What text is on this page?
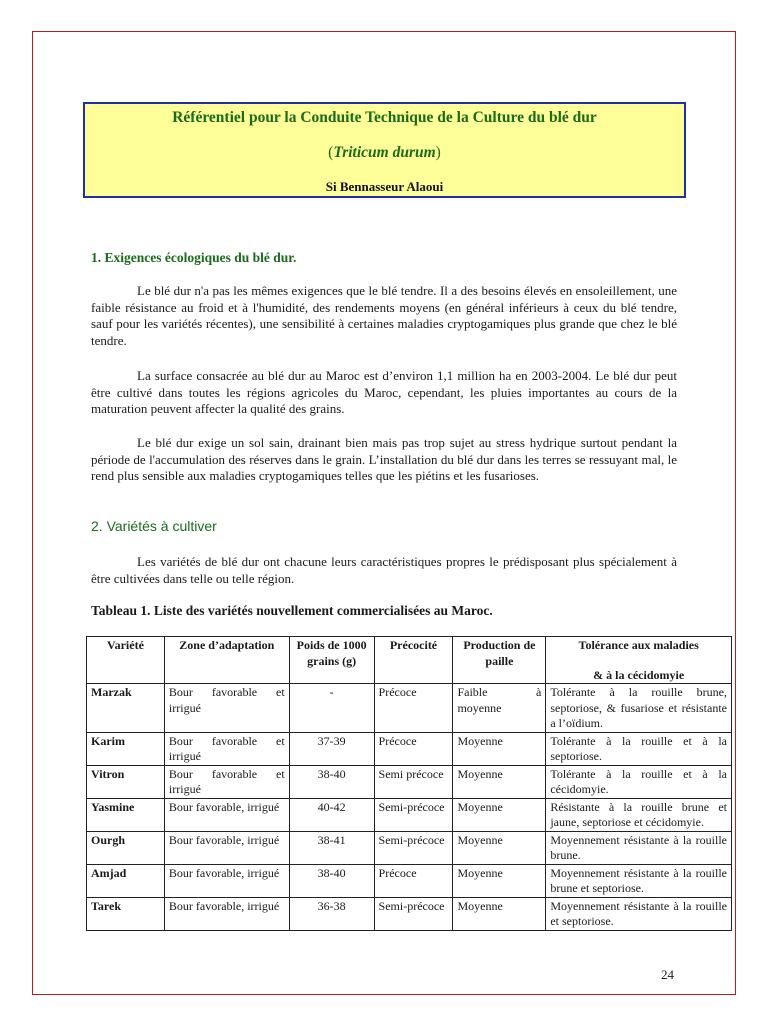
Référentiel pour la Conduite Technique de la Culture du blé dur
(Triticum durum)
Si Bennasseur Alaoui
1. Exigences écologiques du blé dur.

Le blé dur n'a pas les mêmes exigences que le blé tendre. Il a des besoins élevés en ensoleillement, une faible résistance au froid et à l'humidité, des rendements moyens (en général inférieurs à ceux du blé tendre, sauf pour les variétés récentes), une sensibilité à certaines maladies cryptogamiques plus grande que chez le blé tendre.

La surface consacrée au blé dur au Maroc est d’environ 1,1 million ha en 2003-2004. Le blé dur peut être cultivé dans toutes les régions agricoles du Maroc, cependant, les pluies importantes au cours de la maturation peuvent affecter la qualité des grains.

Le blé dur exige un sol sain, drainant bien mais pas trop sujet au stress hydrique surtout pendant la période de l'accumulation des réserves dans le grain. L’installation du blé dur dans les terres se ressuyant mal, le rend plus sensible aux maladies cryptogamiques telles que les piétins et les fusarioses.

2. Variétés à cultiver

Les variétés de blé dur ont chacune leurs caractéristiques propres le prédisposant plus spécialement à être cultivées dans telle ou telle région.

Tableau 1. Liste des variétés nouvellement commercialisées au Maroc.
Variété	Zone d’adaptation	Poids de 1000 grains (g)	Précocité	Production de paille	Tolérance aux maladies
& à la cécidomyie

Marzak	Bour favorable et irrigué	-	Précoce	Faible à moyenne	Tolérante à la rouille brune, septoriose, & fusariose et résistante a l’oïdium.
Karim	Bour favorable et irrigué	37-39	Précoce	Moyenne	Tolérante à la rouille et à la septoriose.
Vitron	Bour favorable et irrigué	38-40	Semi précoce	Moyenne	Tolérante à la rouille et à la cécidomyie.
Yasmine	Bour favorable, irrigué	40-42	Semi-précoce	Moyenne	Résistante à la rouille brune et jaune, septoriose et cécidomyie.
Ourgh	Bour favorable, irrigué	38-41	Semi-précoce	Moyenne	Moyennement résistante à la rouille brune.
Amjad	Bour favorable, irrigué	38-40	Précoce	Moyenne	Moyennement résistante à la rouille brune et septoriose.
Tarek	Bour favorable, irrigué	36-38	Semi-précoce	Moyenne	Moyennement résistante à la rouille et septoriose.
24
